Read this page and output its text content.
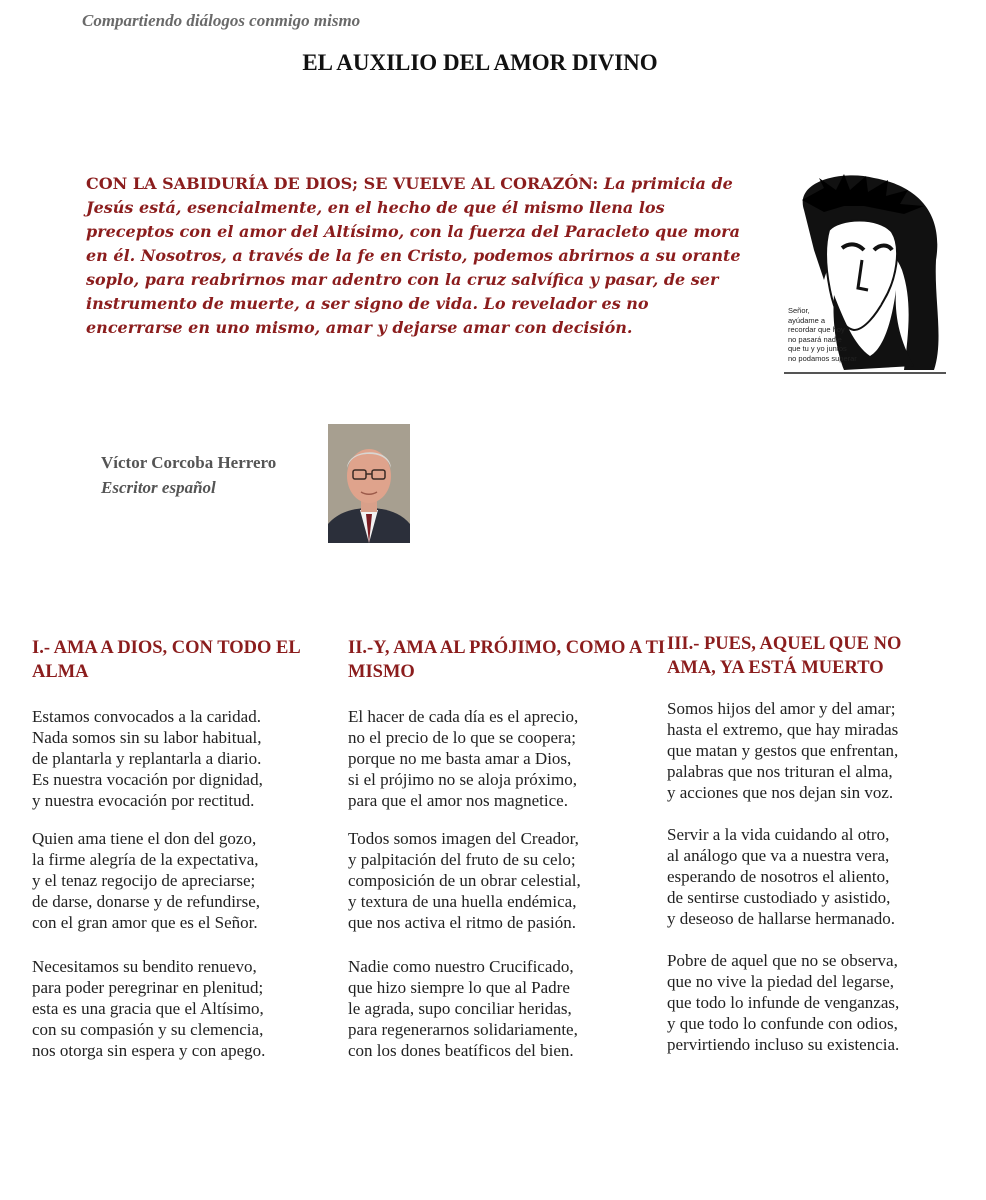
Compartiendo diálogos conmigo mismo
EL AUXILIO DEL AMOR DIVINO
CON LA SABIDURÍA DE DIOS; SE VUELVE AL CORAZÓN: La primicia de Jesús está, esencialmente, en el hecho de que él mismo llena los preceptos con el amor del Altísimo, con la fuerza del Paracleto que mora en él. Nosotros, a través de la fe en Cristo, podemos abrirnos a su orante soplo, para reabrirnos mar adentro con la cruz salvífica y pasar, de ser instrumento de muerte, a ser signo de vida. Lo revelador es no encerrarse en uno mismo, amar y dejarse amar con decisión.
Señor,
ayúdame a
recordar que hoy
no pasará nadie
que tu y yo juntos
no podamos superar
Víctor Corcoba Herrero
Escritor español
I.- AMA A DIOS, CON TODO EL
ALMA

Estamos convocados a la caridad.
Nada somos sin su labor habitual,
de plantarla y replantarla a diario.
Es nuestra vocación por dignidad,
y nuestra evocación por rectitud.

Quien ama tiene el don del gozo,
la firme alegría de la expectativa,
y el tenaz regocijo de apreciarse;
de darse, donarse y de refundirse,
con el gran amor que es el Señor.

Necesitamos su bendito renuevo,
para poder peregrinar en plenitud;
esta es una gracia que el Altísimo,
con su compasión y su clemencia,
nos otorga sin espera y con apego.

II.-Y, AMA AL PRÓJIMO, COMO A TI
MISMO

El hacer de cada día es el aprecio,
no el precio de lo que se coopera;
porque no me basta amar a Dios,
si el prójimo no se aloja próximo,
para que el amor nos magnetice.

Todos somos imagen del Creador,
y palpitación del fruto de su celo;
composición de un obrar celestial,
y textura de una huella endémica,
que nos activa el ritmo de pasión.

Nadie como nuestro Crucificado,
que hizo siempre lo que al Padre
le agrada, supo conciliar heridas,
para regenerarnos solidariamente,
con los dones beatíficos del bien.

III.- PUES, AQUEL QUE NO
AMA, YA ESTÁ MUERTO

Somos hijos del amor y del amar;
hasta el extremo, que hay miradas
que matan y gestos que enfrentan,
palabras que nos trituran el alma,
y acciones que nos dejan sin voz.

Servir a la vida cuidando al otro,
al análogo que va a nuestra vera,
esperando de nosotros el aliento,
de sentirse custodiado y asistido,
y deseoso de hallarse hermanado.

Pobre de aquel que no se observa,
que no vive la piedad del legarse,
que todo lo infunde de venganzas,
y que todo lo confunde con odios,
pervirtiendo incluso su existencia.
